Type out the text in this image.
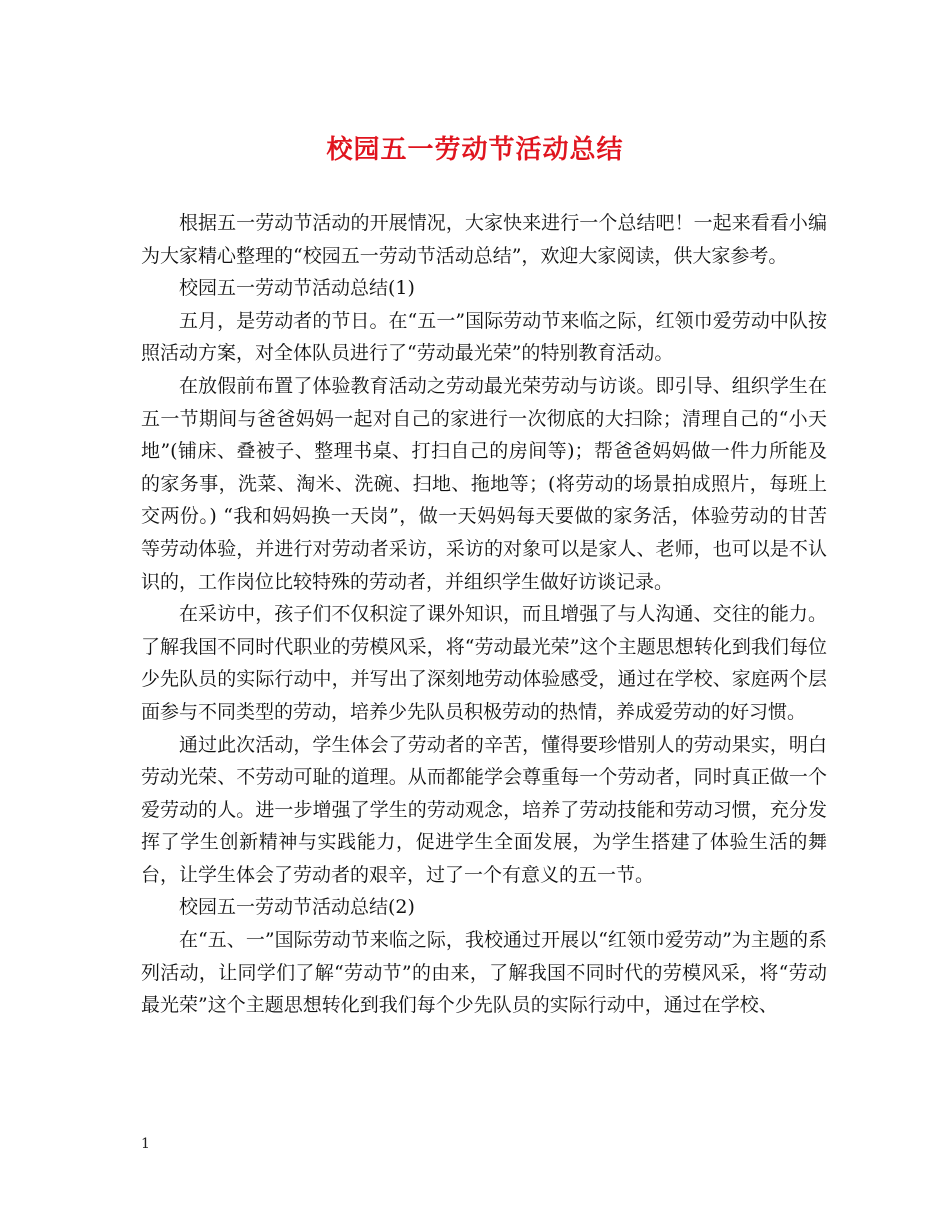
校园五一劳动节活动总结

根据五一劳动节活动的开展情况，大家快来进行一个总结吧！一起来看看小编为大家精心整理的“校园五一劳动节活动总结”，欢迎大家阅读，供大家参考。

校园五一劳动节活动总结(1)

五月，是劳动者的节日。在“五一”国际劳动节来临之际，红领巾爱劳动中队按照活动方案，对全体队员进行了“劳动最光荣”的特别教育活动。

在放假前布置了体验教育活动之劳动最光荣劳动与访谈。即引导、组织学生在五一节期间与爸爸妈妈一起对自己的家进行一次彻底的大扫除；清理自己的“小天地”(铺床、叠被子、整理书桌、打扫自己的房间等)；帮爸爸妈妈做一件力所能及的家务事，洗菜、淘米、洗碗、扫地、拖地等；(将劳动的场景拍成照片，每班上交两份。) “我和妈妈换一天岗”，做一天妈妈每天要做的家务活，体验劳动的甘苦等劳动体验，并进行对劳动者采访，采访的对象可以是家人、老师，也可以是不认识的，工作岗位比较特殊的劳动者，并组织学生做好访谈记录。

在采访中，孩子们不仅积淀了课外知识，而且增强了与人沟通、交往的能力。了解我国不同时代职业的劳模风采，将“劳动最光荣”这个主题思想转化到我们每位少先队员的实际行动中，并写出了深刻地劳动体验感受，通过在学校、家庭两个层面参与不同类型的劳动，培养少先队员积极劳动的热情，养成爱劳动的好习惯。

通过此次活动，学生体会了劳动者的辛苦，懂得要珍惜别人的劳动果实，明白劳动光荣、不劳动可耻的道理。从而都能学会尊重每一个劳动者，同时真正做一个爱劳动的人。进一步增强了学生的劳动观念，培养了劳动技能和劳动习惯，充分发挥了学生创新精神与实践能力，促进学生全面发展，为学生搭建了体验生活的舞台，让学生体会了劳动者的艰辛，过了一个有意义的五一节。

校园五一劳动节活动总结(2)

在“五、一”国际劳动节来临之际，我校通过开展以“红领巾爱劳动”为主题的系列活动，让同学们了解“劳动节”的由来，了解我国不同时代的劳模风采，将“劳动最光荣”这个主题思想转化到我们每个少先队员的实际行动中，通过在学校、

1
